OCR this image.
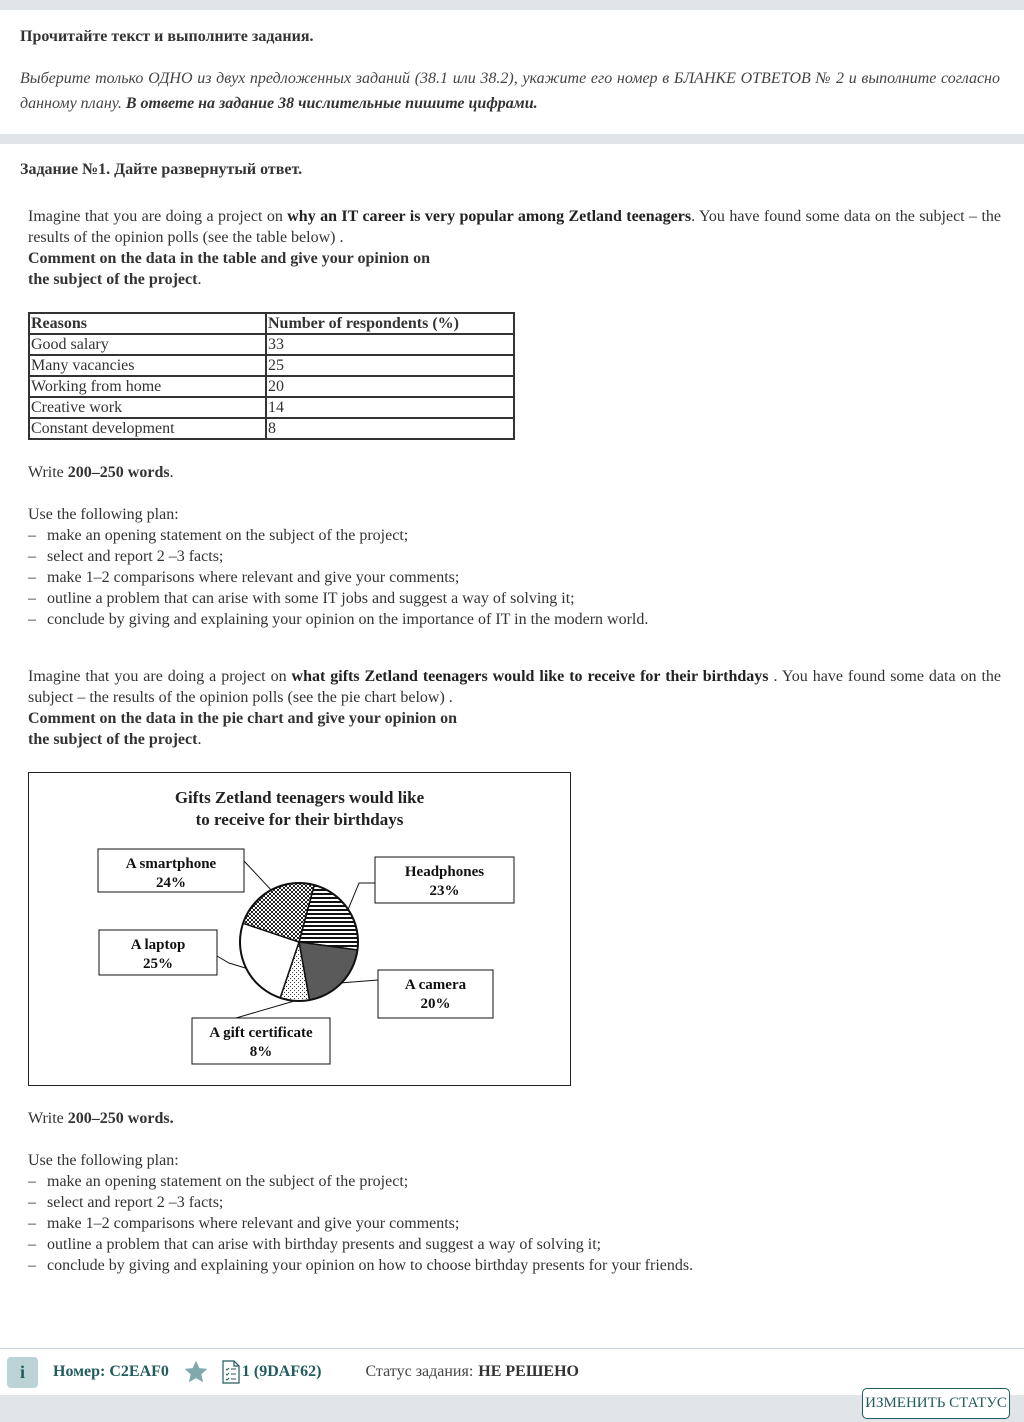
Прочитайте текст и выполните задания.
Выберите только ОДНО из двух предложенных заданий (38.1 или 38.2), укажите его номер в БЛАНКЕ ОТВЕТОВ № 2 и выполните согласно данному плану. В ответе на задание 38 числительные пишите цифрами.
Задание №1. Дайте развернутый ответ.
Imagine that you are doing a project on why an IT career is very popular among Zetland teenagers. You have found some data on the subject – the results of the opinion polls (see the table below) .
Comment on the data in the table and give your opinion on
the subject of the project.
Reasons	Number of respondents (%)
Good salary	33
Many vacancies	25
Working from home	20
Creative work	14
Constant development	8
Write 200–250 words.
Use the following plan:
– make an opening statement on the subject of the project;
– select and report 2 –3 facts;
– make 1–2 comparisons where relevant and give your comments;
– outline a problem that can arise with some IT jobs and suggest a way of solving it;
– conclude by giving and explaining your opinion on the importance of IT in the modern world.
Imagine that you are doing a project on what gifts Zetland teenagers would like to receive for their birthdays . You have found some data on the subject – the results of the opinion polls (see the pie chart below) .
Comment on the data in the pie chart and give your opinion on
the subject of the project.
Gifts Zetland teenagers would like
to receive for their birthdays
Headphones
23%
A camera
20%
A gift certificate
8%
A laptop
25%
A smartphone
24%
Write 200–250 words.
Use the following plan:
– make an opening statement on the subject of the project;
– select and report 2 –3 facts;
– make 1–2 comparisons where relevant and give your comments;
– outline a problem that can arise with birthday presents and suggest a way of solving it;
– conclude by giving and explaining your opinion on how to choose birthday presents for your friends.
i	Номер: C2EAF0	1 (9DAF62)	Статус задания: НЕ РЕШЕНО
ИЗМЕНИТЬ СТАТУС
